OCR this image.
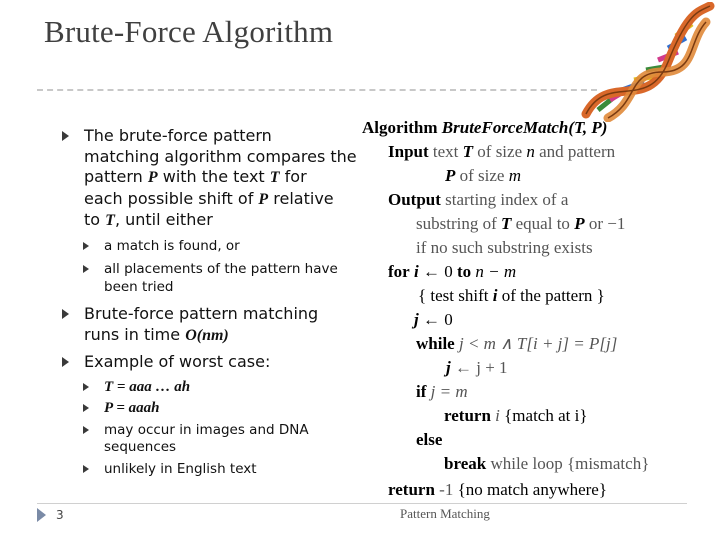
Brute-Force Algorithm
The brute-force pattern
matching algorithm compares the
pattern P with the text T for
each possible shift of P relative
to T, until either
a match is found, or
all placements of the pattern have
been tried
Brute-force pattern matching
runs in time O(nm)
Example of worst case:
T = aaa … ah
P = aaah
may occur in images and DNA
sequences
unlikely in English text
Algorithm BruteForceMatch(T, P)
Input text T of size n and pattern
P of size m
Output starting index of a
substring of T equal to P or −1
if no such substring exists
for i ← 0 to n − m
{ test shift i of the pattern }
j ← 0
while j < m ∧ T[i + j] = P[j]
j ← j + 1
if j = m
return i {match at i}
else
break while loop {mismatch}
return -1 {no match anywhere}
3	Pattern Matching
